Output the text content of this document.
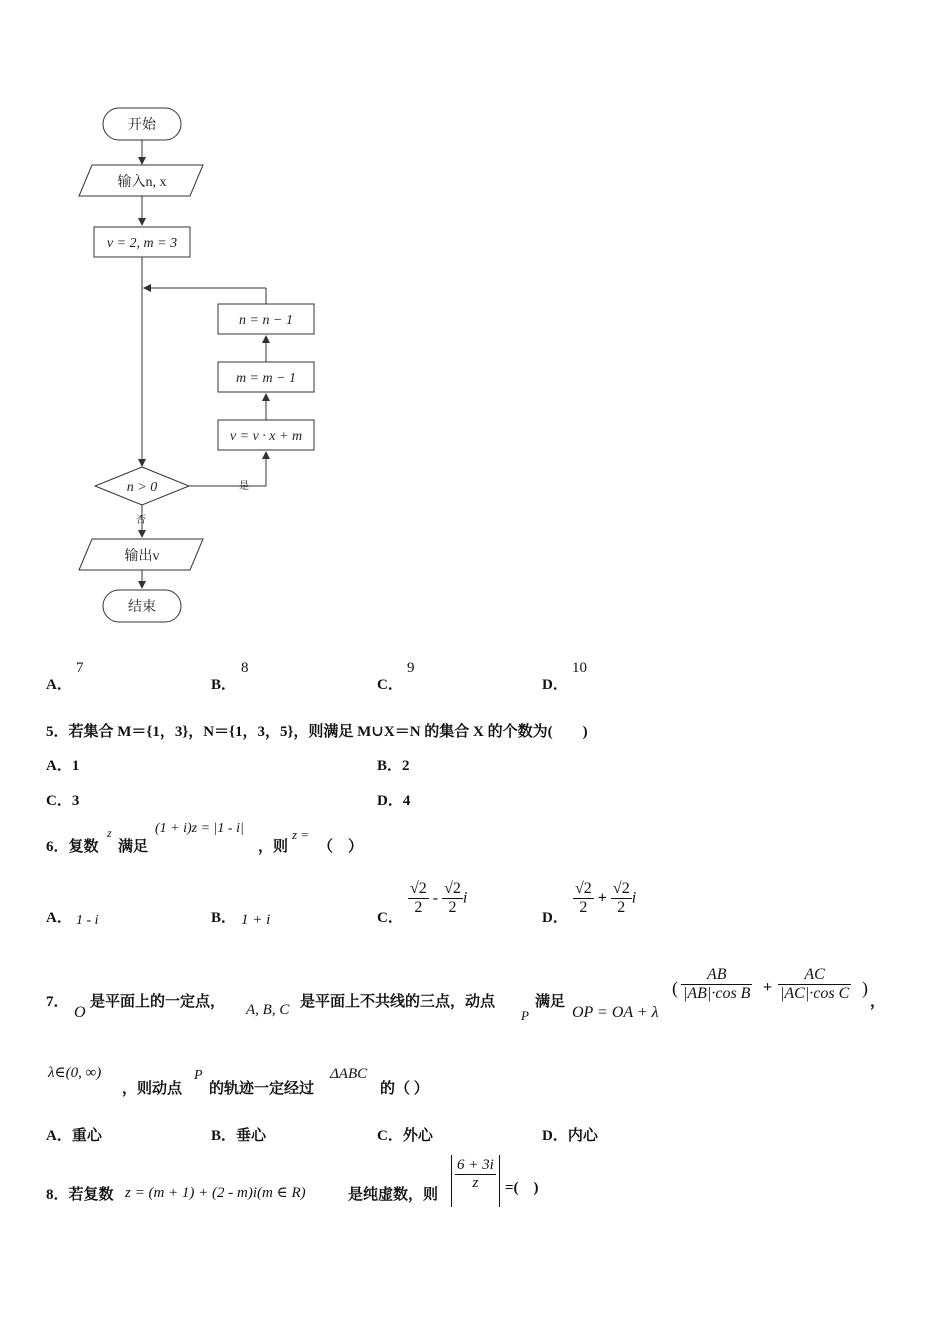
开始
输入n, x
v = 2, m = 3
n = n − 1
m = m − 1
v = v · x + m
n > 0	是
否
输出v
结束
A．
7
B．
8
C．
9
D．
10
5．若集合 M＝{1，3}，N＝{1，3，5}，则满足 M∪X＝N 的集合 X 的个数为(　　)
A．1	B．2
C．3	D．4
6．复数
z
满足
(1 + i)z = |1 - i|
，则
z =
（　）
A． 1 - i	B． 1 + i	C．
$\frac{√2}{2} - \frac{√2}{2}$ i
D．
$\frac{√2}{2} + \frac{√2}{2}$ i
7．
O
是平面上的一定点， A, B, C 是平面上不共线的三点，动点
P
满足
OP = OA + λ
( $\frac{AB}{\text{|AB|·cos B}} + \frac{AC}{\text{|AC|·cos C}}$ )
，
λ∈(0, ∞)
，则动点
P
的轨迹一定经过
ΔABC
的（ ）
A．重心	B．垂心	C．外心	D．内心
8．若复数 z = (m + 1) + (2 - m)i(m ∈ R)	是纯虚数，则
$\frac{6 + 3i}{z}$ =(　)
